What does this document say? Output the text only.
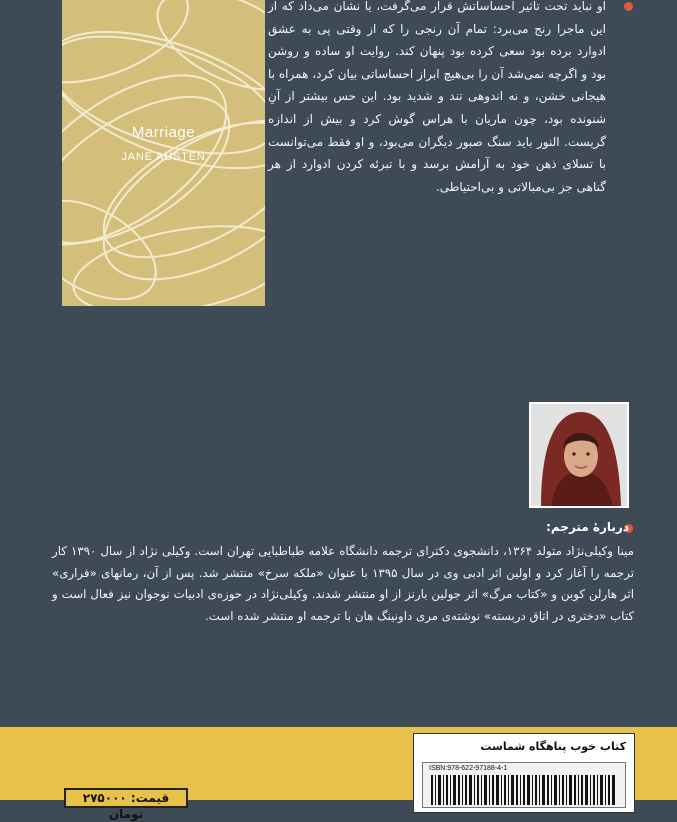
Marriage
JANE AUSTEN
او نباید تحت تأثیر احساساتش قرار می‌گرفت، یا نشان می‌داد که از این ماجرا رنج می‌برد: تمام آن رنجی را که از وقتی پی به عشق ادوارد برده بود سعی کرده بود پنهان کند. روایت او ساده و روشن بود و اگرچه نمی‌شد آن را بی‌هیچ ابراز احساساتی بیان کرد، همراه با هیجانی خشن، و نه اندوهی تند و شدید بود. این حس بیشتر از آنِ شنونده بود، چون ماریان با هراس گوش کرد و بیش از اندازه گریست. النور باید سنگ صبور دیگران می‌بود، و او فقط می‌توانست با تسلای ذهن خود به آرامش برسد و با تبرئه کردن ادوارد از هر گناهی جز بی‌مبالاتی و بی‌احتیاطی.
دربارهٔ مترجم:
مینا وکیلی‌نژاد متولد ۱۳۶۴، دانشجوی دکترای ترجمه دانشگاه علامه طباطبایی تهران است. وکیلی نژاد از سال ۱۳۹۰ کار ترجمه را آغاز کرد و اولین اثر ادبی وی در سال ۱۳۹۵ با عنوان «ملکه سرخ» منتشر شد. پس از آن، رمانهای «فراری» اثر هارلن کوبن و «کتاب مرگ» اثر جولین بارنز از او منتشر شدند. وکیلی‌نژاد در حوزه‌ی ادبیات نوجوان نیز فعال است و کتاب «دختری در اتاق دربسته» نوشته‌ی مری داونینگ هان با ترجمه او منتشر شده است.
قیمت: ۲۷۵۰۰۰ تومان
کتاب خوب پناهگاه شماست
ISBN:978-622-97188-4-1
